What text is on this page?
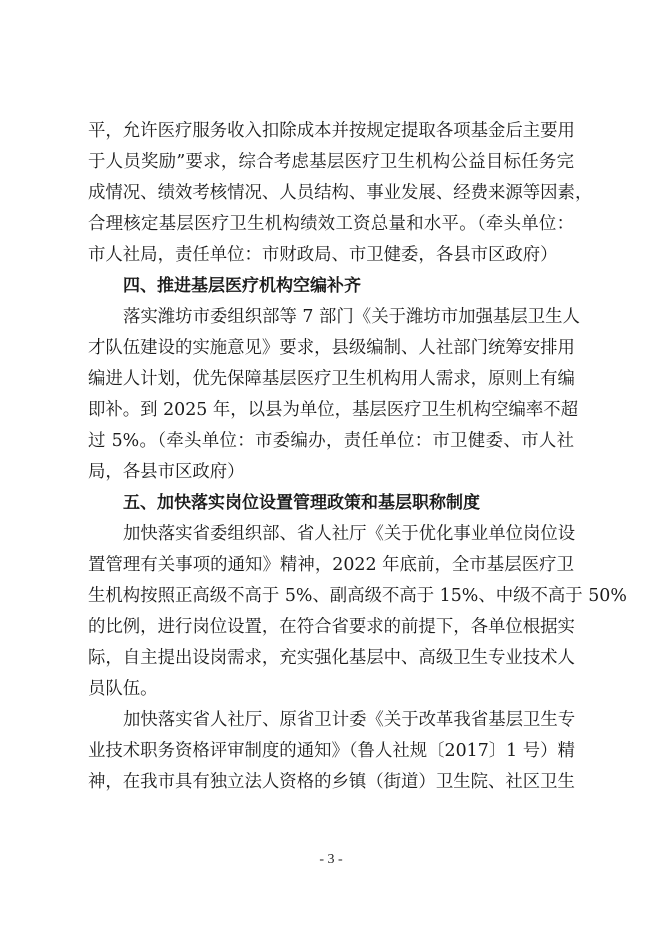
平，允许医疗服务收入扣除成本并按规定提取各项基金后主要用
于人员奖励”要求，综合考虑基层医疗卫生机构公益目标任务完
成情况、绩效考核情况、人员结构、事业发展、经费来源等因素，
合理核定基层医疗卫生机构绩效工资总量和水平。（牵头单位：
市人社局，责任单位：市财政局、市卫健委，各县市区政府）
四、推进基层医疗机构空编补齐
落实潍坊市委组织部等 7 部门《关于潍坊市加强基层卫生人
才队伍建设的实施意见》要求，县级编制、人社部门统筹安排用
编进人计划，优先保障基层医疗卫生机构用人需求，原则上有编
即补。到 2025 年，以县为单位，基层医疗卫生机构空编率不超
过 5%。（牵头单位：市委编办，责任单位：市卫健委、市人社
局，各县市区政府）
五、加快落实岗位设置管理政策和基层职称制度
加快落实省委组织部、省人社厅《关于优化事业单位岗位设
置管理有关事项的通知》精神，2022 年底前，全市基层医疗卫
生机构按照正高级不高于 5%、副高级不高于 15%、中级不高于 50%
的比例，进行岗位设置，在符合省要求的前提下，各单位根据实
际，自主提出设岗需求，充实强化基层中、高级卫生专业技术人
员队伍。
加快落实省人社厅、原省卫计委《关于改革我省基层卫生专
业技术职务资格评审制度的通知》（鲁人社规〔2017〕1 号）精
神，在我市具有独立法人资格的乡镇（街道）卫生院、社区卫生
- 3 -
